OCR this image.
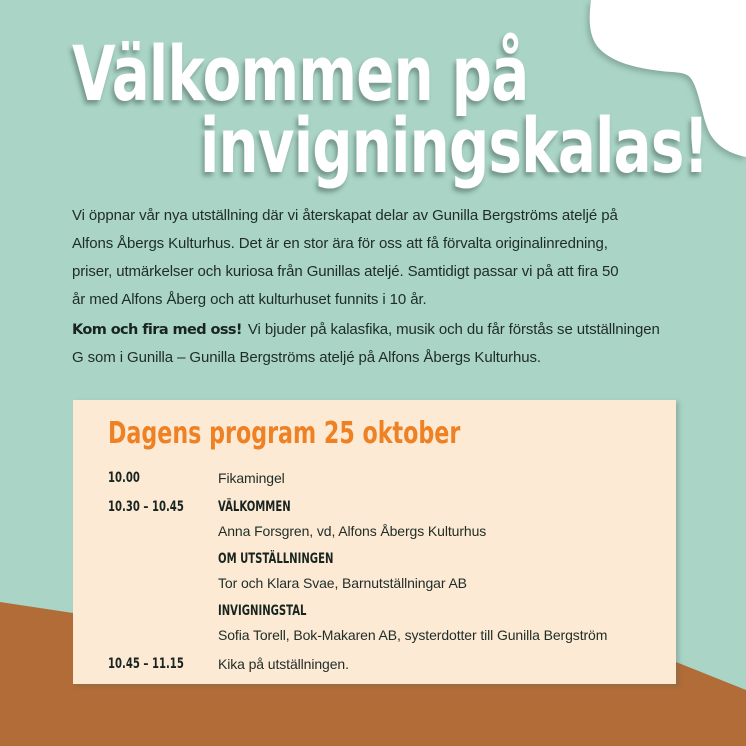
Välkommen på
invigningskalas!

Vi öppnar vår nya utställning där vi återskapat delar av Gunilla Bergströms ateljé på
Alfons Åbergs Kulturhus. Det är en stor ära för oss att få förvalta originalinredning,
priser, utmärkelser och kuriosa från Gunillas ateljé. Samtidigt passar vi på att fira 50
år med Alfons Åberg och att kulturhuset funnits i 10 år.

Kom och fira med oss! Vi bjuder på kalasfika, musik och du får förstås se utställningen
G som i Gunilla – Gunilla Bergströms ateljé på Alfons Åbergs Kulturhus.

Dagens program 25 oktober
10.00	Fikamingel
10.30 – 10.45	VÄLKOMMEN
Anna Forsgren, vd, Alfons Åbergs Kulturhus
OM UTSTÄLLNINGEN
Tor och Klara Svae, Barnutställningar AB
INVIGNINGSTAL
Sofia Torell, Bok-Makaren AB, systerdotter till Gunilla Bergström
10.45 – 11.15	Kika på utställningen.
